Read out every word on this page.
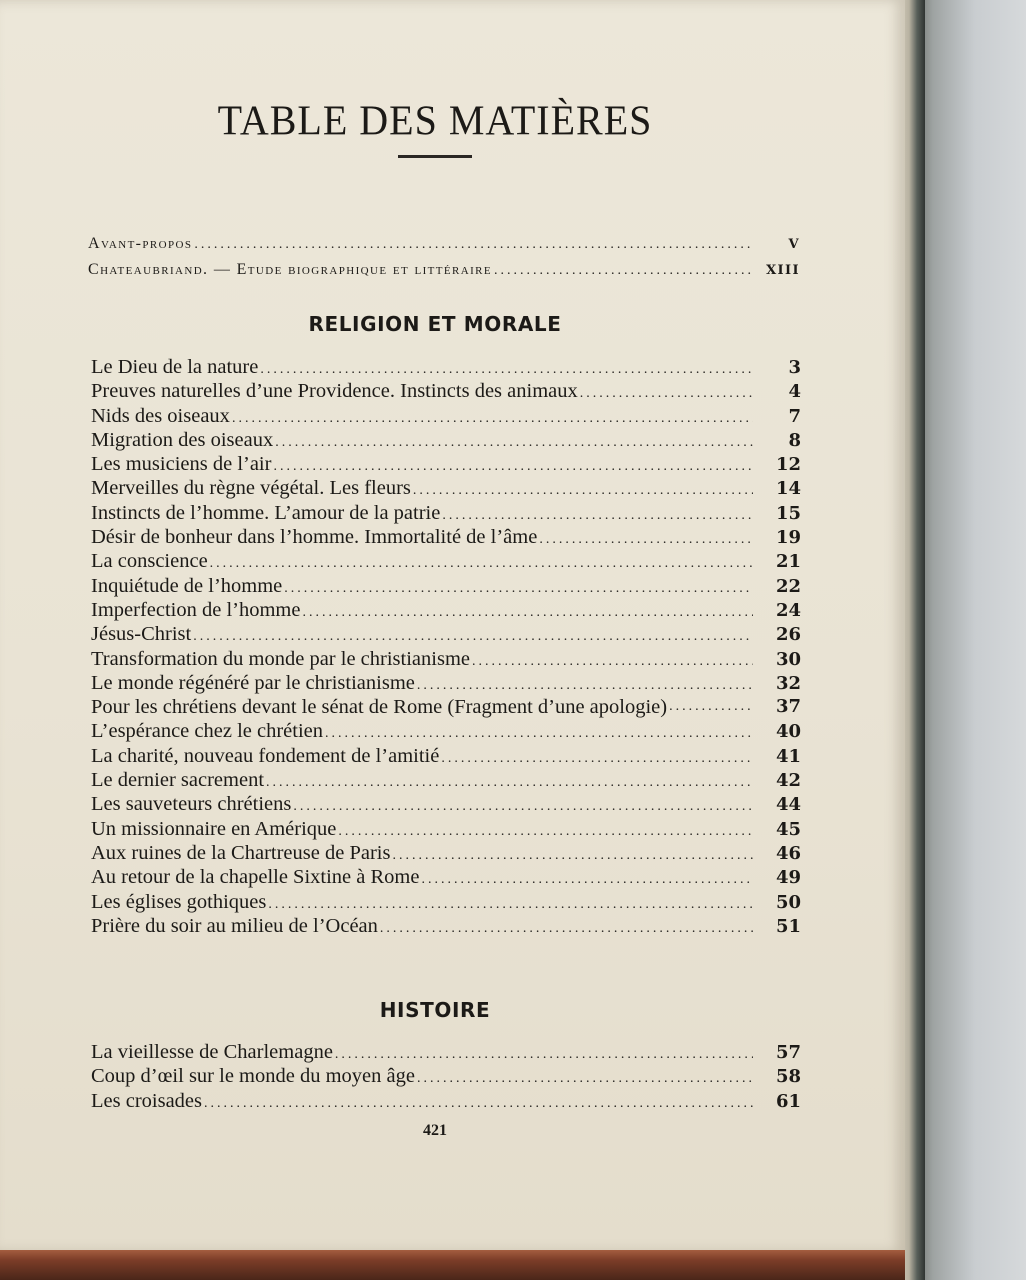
TABLE DES MATIÈRES
Avant-propos .....	v
Chateaubriand. — Etude biographique et littéraire .....	xiii
RELIGION ET MORALE
Le Dieu de la nature .....	3
Preuves naturelles d’une Providence. Instincts des animaux .....	4
Nids des oiseaux .....	7
Migration des oiseaux .....	8
Les musiciens de l’air .....	12
Merveilles du règne végétal. Les fleurs .....	14
Instincts de l’homme. L’amour de la patrie .....	15
Désir de bonheur dans l’homme. Immortalité de l’âme .....	19
La conscience .....	21
Inquiétude de l’homme .....	22
Imperfection de l’homme .....	24
Jésus-Christ .....	26
Transformation du monde par le christianisme .....	30
Le monde régénéré par le christianisme .....	32
Pour les chrétiens devant le sénat de Rome (Fragment d’une apologie) .....	37
L’espérance chez le chrétien .....	40
La charité, nouveau fondement de l’amitié .....	41
Le dernier sacrement .....	42
Les sauveteurs chrétiens .....	44
Un missionnaire en Amérique .....	45
Aux ruines de la Chartreuse de Paris .....	46
Au retour de la chapelle Sixtine à Rome .....	49
Les églises gothiques .....	50
Prière du soir au milieu de l’Océan .....	51
HISTOIRE
La vieillesse de Charlemagne .....	57
Coup d’œil sur le monde du moyen âge .....	58
Les croisades .....	61
421
